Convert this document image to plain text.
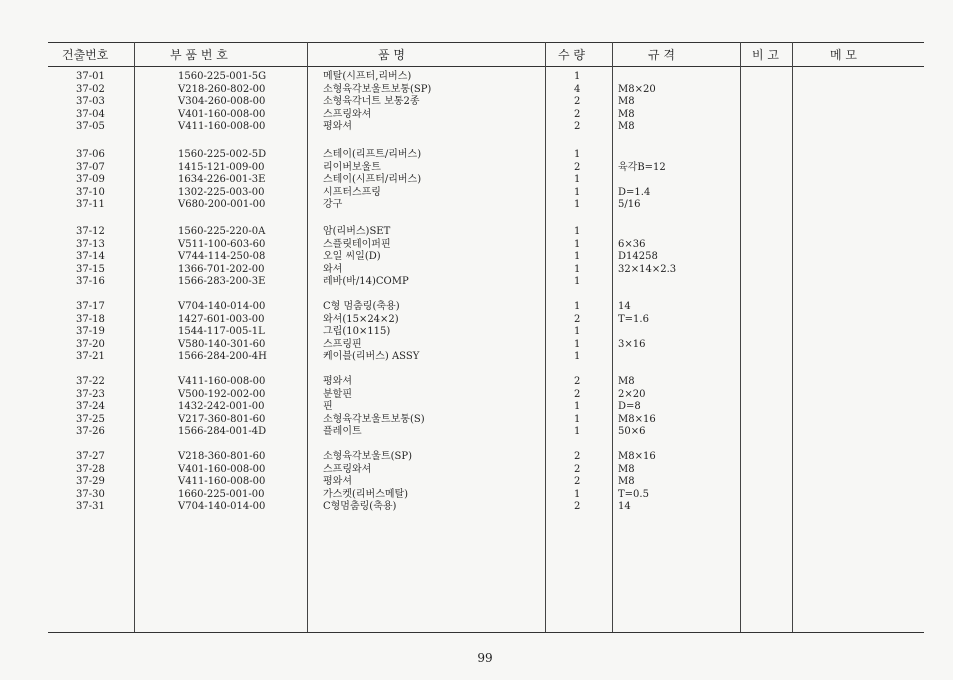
건출번호	부 품 번 호	품 명	수 량	규 격	비 고	메 모
37-01	1560-225-001-5G	메탈(시프터,리버스)	1
37-02	V218-260-802-00	소형육각보울트보통(SP)	4	M8×20
37-03	V304-260-008-00	소형육각너트 보통2종	2	M8
37-04	V401-160-008-00	스프링와셔	2	M8
37-05	V411-160-008-00	평와셔	2	M8
37-06	1560-225-002-5D	스테이(리프트/리버스)	1
37-07	1415-121-009-00	리이버보울트	2	육각B=12
37-09	1634-226-001-3E	스테이(시프터/리버스)	1
37-10	1302-225-003-00	시프터스프링	1	D=1.4
37-11	V680-200-001-00	강구	1	5/16
37-12	1560-225-220-0A	암(리버스)SET	1
37-13	V511-100-603-60	스플릿테이퍼핀	1	6×36
37-14	V744-114-250-08	오일 씨일(D)	1	D14258
37-15	1366-701-202-00	와셔	1	32×14×2.3
37-16	1566-283-200-3E	레바(바/14)COMP	1
37-17	V704-140-014-00	C형 멈춤링(축용)	1	14
37-18	1427-601-003-00	와셔(15×24×2)	2	T=1.6
37-19	1544-117-005-1L	그립(10×115)	1
37-20	V580-140-301-60	스프링핀	1	3×16
37-21	1566-284-200-4H	케이블(리버스) ASSY	1
37-22	V411-160-008-00	평와셔	2	M8
37-23	V500-192-002-00	분할핀	2	2×20
37-24	1432-242-001-00	핀	1	D=8
37-25	V217-360-801-60	소형육각보울트보통(S)	1	M8×16
37-26	1566-284-001-4D	플레이트	1	50×6
37-27	V218-360-801-60	소형육각보울트(SP)	2	M8×16
37-28	V401-160-008-00	스프링와셔	2	M8
37-29	V411-160-008-00	평와셔	2	M8
37-30	1660-225-001-00	가스켓(리버스메탈)	1	T=0.5
37-31	V704-140-014-00	C형멈춤링(축용)	2	14
99
